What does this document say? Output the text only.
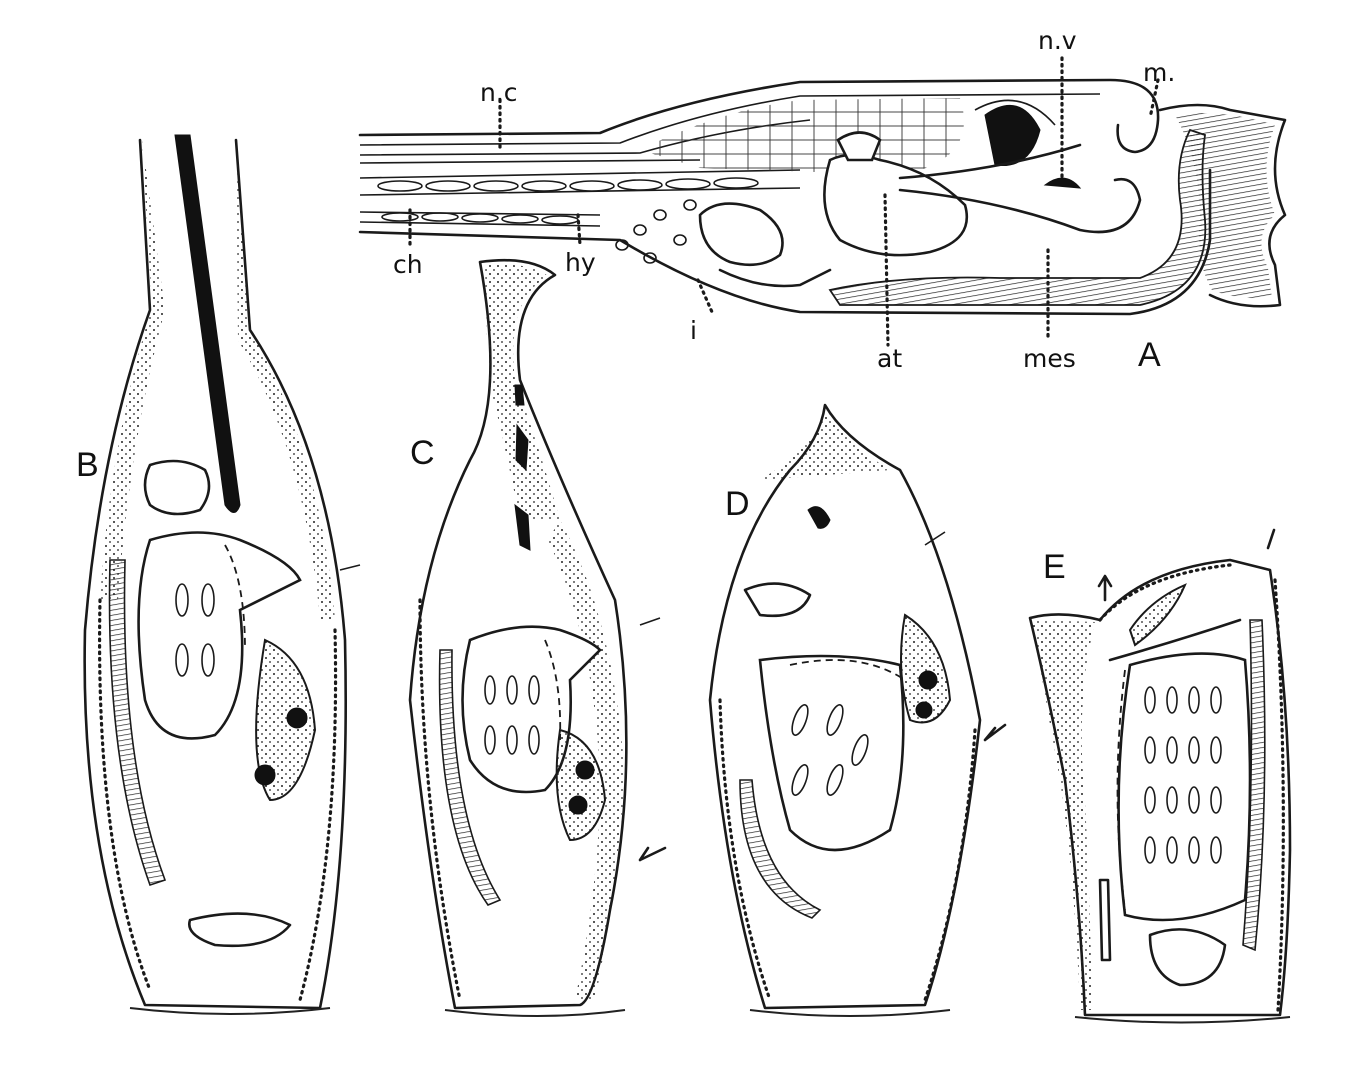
n.c
n.v
m.
ch	hy
i
at	mes A
B	C
D
E
